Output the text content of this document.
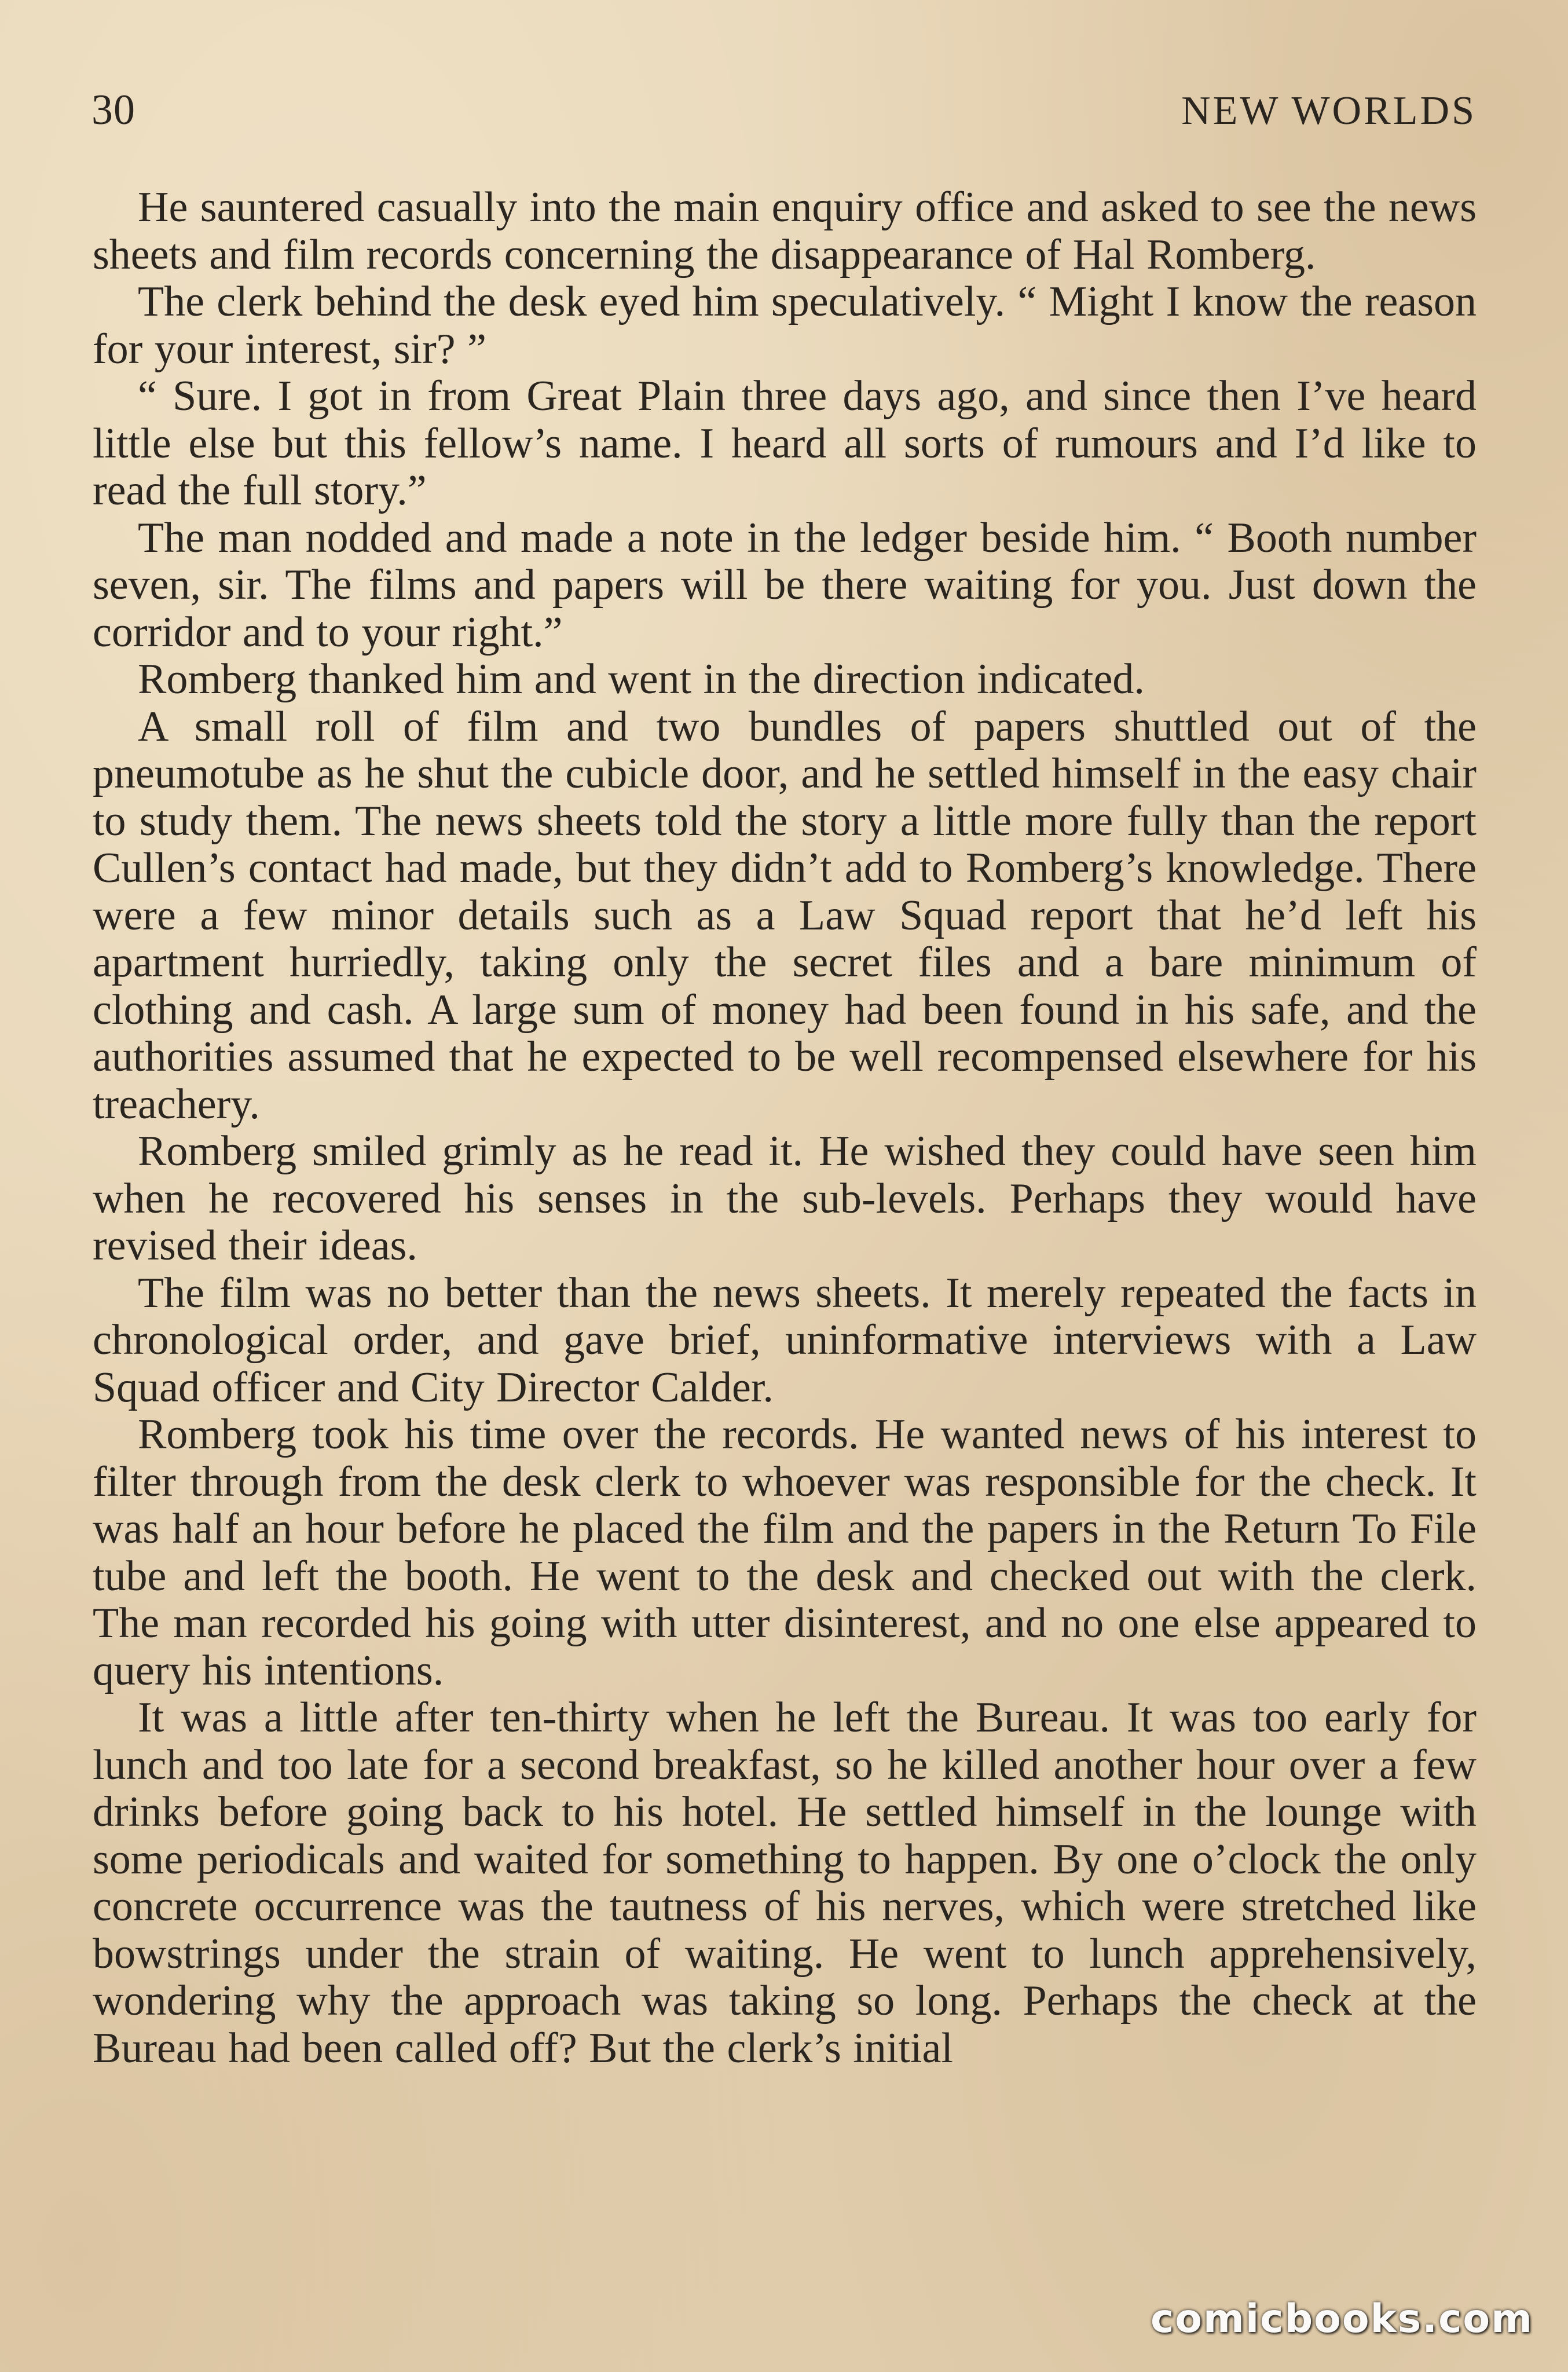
30	NEW WORLDS

He sauntered casually into the main enquiry office and asked to see the news sheets and film records concerning the disappearance of Hal Romberg.

The clerk behind the desk eyed him speculatively. “ Might I know the reason for your interest, sir? ”

“ Sure. I got in from Great Plain three days ago, and since then I’ve heard little else but this fellow’s name. I heard all sorts of rumours and I’d like to read the full story.”

The man nodded and made a note in the ledger beside him. “ Booth number seven, sir. The films and papers will be there waiting for you. Just down the corridor and to your right.”

Romberg thanked him and went in the direction indicated.

A small roll of film and two bundles of papers shuttled out of the pneumotube as he shut the cubicle door, and he settled himself in the easy chair to study them. The news sheets told the story a little more fully than the report Cullen’s contact had made, but they didn’t add to Romberg’s knowledge. There were a few minor details such as a Law Squad report that he’d left his apartment hurriedly, taking only the secret files and a bare minimum of clothing and cash. A large sum of money had been found in his safe, and the authorities assumed that he expected to be well recompensed elsewhere for his treachery.

Romberg smiled grimly as he read it. He wished they could have seen him when he recovered his senses in the sub-levels. Perhaps they would have revised their ideas.

The film was no better than the news sheets. It merely repeated the facts in chronological order, and gave brief, uninformative interviews with a Law Squad officer and City Director Calder.

Romberg took his time over the records. He wanted news of his interest to filter through from the desk clerk to whoever was responsible for the check. It was half an hour before he placed the film and the papers in the Return To File tube and left the booth. He went to the desk and checked out with the clerk. The man recorded his going with utter disinterest, and no one else appeared to query his intentions.

It was a little after ten-thirty when he left the Bureau. It was too early for lunch and too late for a second breakfast, so he killed another hour over a few drinks before going back to his hotel. He settled himself in the lounge with some periodicals and waited for something to happen. By one o’clock the only concrete occurrence was the tautness of his nerves, which were stretched like bowstrings under the strain of waiting. He went to lunch apprehensively, wondering why the approach was taking so long. Perhaps the check at the Bureau had been called off? But the clerk’s initial

comicbooks.com
